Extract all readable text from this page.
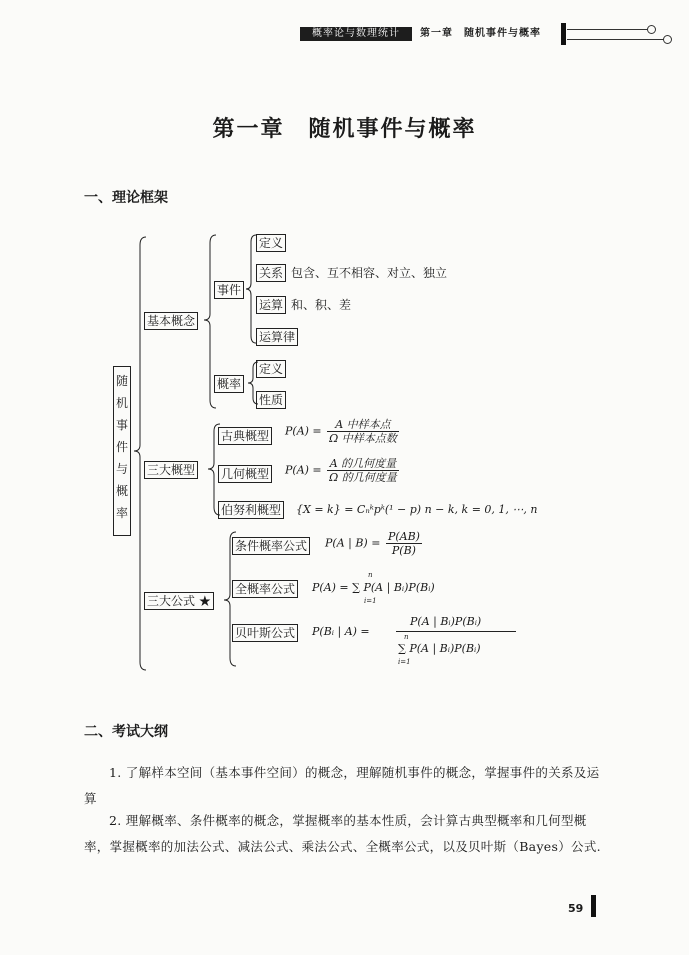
概率论与数理统计	第一章　随机事件与概率
第一章　随机事件与概率
一、理论框架
随机事件与概率
基本概念
事件
定义
关系 包含、互不相容、对立、独立
运算 和、积、差
运算律
概率
定义
性质
三大概型
古典概型 P(A) =	A 中样本点
Ω 中样本点数
几何概型 P(A) = A 的几何度量
Ω 的几何度量
伯努利概型 {X = k} = Cₙᵏpᵏ(¹ − p) n − k, k = 0, 1, ⋯, n
三大公式 ★
条件概率公式 P(A | $B) = \frac{P(AB)}{P(B)}$
全概率公式
n
P(A) = ∑ P(A | Bᵢ)P(Bᵢ)
i=1
贝叶斯公式 P(Bᵢ | A) =
P(A | Bᵢ)P(Bᵢ)
n
∑ P(A | Bᵢ)P(Bᵢ)
i=1
二、考试大纲
1. 了解样本空间（基本事件空间）的概念，理解随机事件的概念，掌握事件的关系及运算
2. 理解概率、条件概率的概念，掌握概率的基本性质，会计算古典型概率和几何型概率，掌握概率的加法公式、减法公式、乘法公式、全概率公式，以及贝叶斯（Bayes）公式.
59
